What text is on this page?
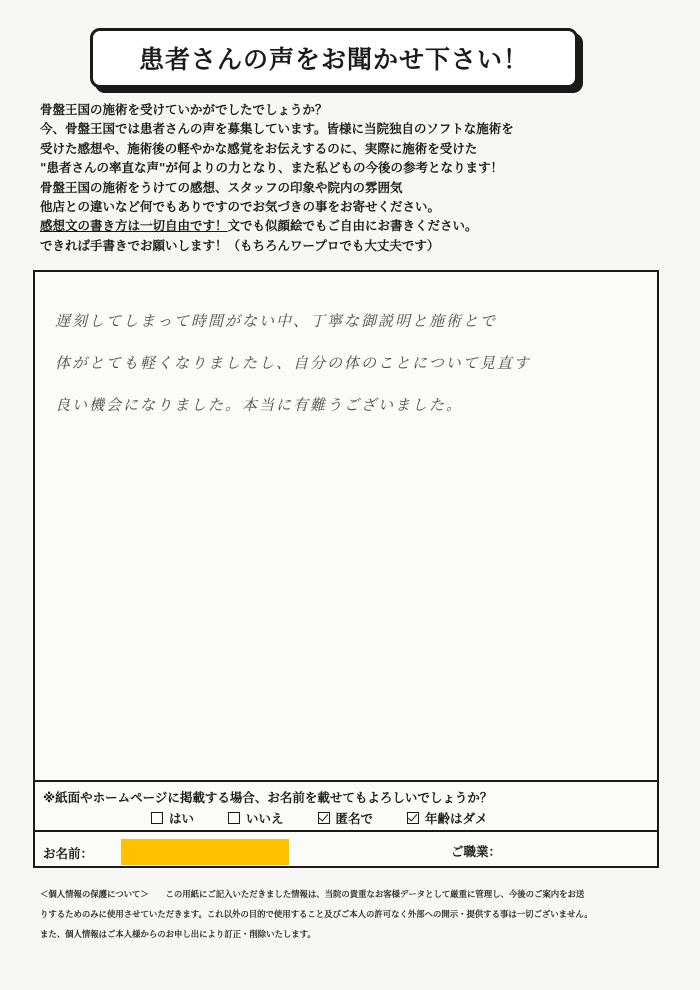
患者さんの声をお聞かせ下さい！
骨盤王国の施術を受けていかがでしたでしょうか？
今、骨盤王国では患者さんの声を募集しています。皆様に当院独自のソフトな施術を
受けた感想や、施術後の軽やかな感覚をお伝えするのに、実際に施術を受けた
"患者さんの率直な声"が何よりの力となり、また私どもの今後の参考となります！
骨盤王国の施術をうけての感想、スタッフの印象や院内の雰囲気
他店との違いなど何でもありですのでお気づきの事をお寄せください。
感想文の書き方は一切自由です！文でも似顔絵でもご自由にお書きください。
できれば手書きでお願いします！（もちろんワープロでも大丈夫です）
遅刻してしまって時間がない中、丁寧な御説明と施術とで
体がとても軽くなりましたし、自分の体のことについて見直す
良い機会になりました。本当に有難うございました。
※紙面やホームページに掲載する場合、お名前を載せてもよろしいでしょうか？
はい	いいえ	匿名で	年齢はダメ
お名前：	ご職業：
＜個人情報の保護について＞　　この用紙にご記入いただきました情報は、当院の貴重なお客様データとして厳重に管理し、今後のご案内をお送
りするためのみに使用させていただきます。これ以外の目的で使用すること及びご本人の許可なく外部への開示・提供する事は一切ございません。
また、個人情報はご本人様からのお申し出により訂正・削除いたします。
